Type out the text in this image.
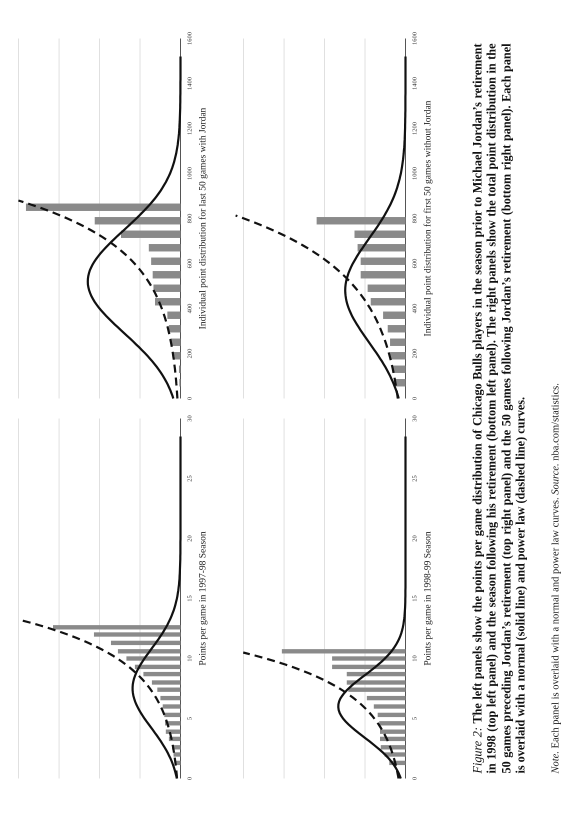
0
5
10
15
20
25
30
Points per game in 1997-98 Season
0
200
400
600
800
1000
1200
1400
1600
Individual point distribution for last 50 games with Jordan
0
5
10
15
20
25
30
Points per game in 1998-99 Season
0
200
400
600
800
1000
1200
1400
1600
Individual point distribution for first 50 games without Jordan
Figure 2: The left panels show the points per game distribution of Chicago Bulls players in the season prior to Michael Jordan’s retirement in 1998 (top left panel) and the season following his retirement (bottom left panel). The right panels show the total point distribution in the 50 games preceding Jordan’s retirement (top right panel) and the 50 games following Jordan’s retirement (bottom right panel). Each panel is overlaid with a normal (solid line) and power law (dashed line) curves. Note. Each panel is overlaid with a normal and power law curves. Source. nba.com/statistics.
